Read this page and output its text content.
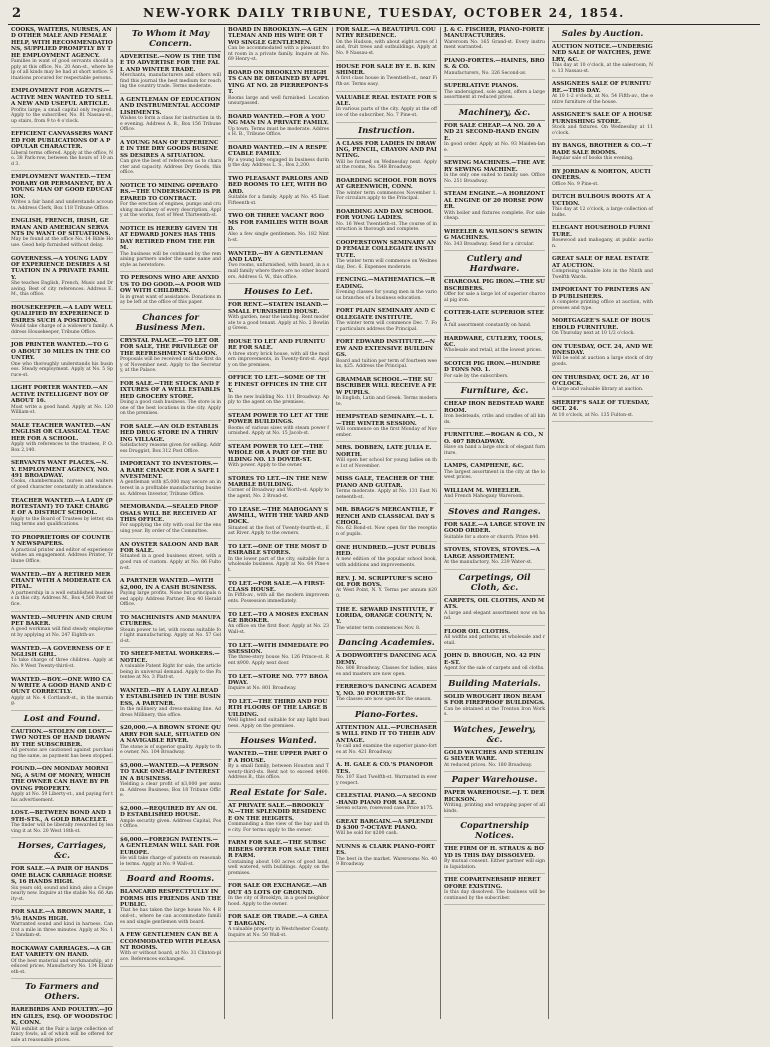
2	NEW-YORK DAILY TRIBUNE, TUESDAY, OCTOBER 24, 1854.
COOKS, WAITERS, NURSES, AND OTHER MALE AND FEMALE HELP, WITH RECOMMENDATIONS, SUPPLIED PROMPTLY BY THE EMPLOYMENT AGENCY.
Families in want of good servants should apply at this office, No. 20 Ann-st., where help of all kinds may be had at short notice. Situations procured for respectable persons.
EMPLOYMENT FOR AGENTS.—ACTIVE MEN WANTED TO SELL A NEW AND USEFUL ARTICLE.
Profits large; a small capital only required. Apply to the subscriber, No. 81 Nassau-st., up stairs, from 9 to 4 o'clock.
EFFICIENT CANVASSERS WANTED FOR PUBLICATIONS OF A POPULAR CHARACTER.
Liberal terms offered. Apply at the office, No. 38 Park-row, between the hours of 10 and 3.
EMPLOYMENT WANTED.—TEMPORARY OR PERMANENT, BY A YOUNG MAN OF GOOD EDUCATION.
Writes a fair hand and understands accounts. Address Clerk, Box 118 Tribune Office.
ENGLISH, FRENCH, IRISH, GERMAN AND AMERICAN SERVANTS IN WANT OF SITUATIONS.
May be found at the office No. 14 Bible House. Good help furnished without delay.
GOVERNESS.—A YOUNG LADY OF EXPERIENCE DESIRES A SITUATION IN A PRIVATE FAMILY.
She teaches English, French, Music and Drawing. Best of city references. Address E. M., this office.
HOUSEKEEPER.—A LADY WELL QUALIFIED BY EXPERIENCE DESIRES SUCH A POSITION.
Would take charge of a widower's family. Address Housekeeper, Tribune Office.
JOB PRINTER WANTED.—TO GO ABOUT 30 MILES IN THE COUNTRY.
One who thoroughly understands his business. Steady employment. Apply at No. 5 Spruce-st.
LIGHT PORTER WANTED.—AN ACTIVE INTELLIGENT BOY OF ABOUT 16.
Must write a good hand. Apply at No. 120 William-st.
MALE TEACHER WANTED.—AN ENGLISH OR CLASSICAL TEACHER FOR A SCHOOL.
Apply with references to the trustees, P. O. Box 2,140.
SERVANTS WANT PLACES.—N. Y. EMPLOYMENT AGENCY, NO. 491 BROADWAY.
Cooks, chambermaids, nurses and waiters of good character constantly in attendance.
TEACHER WANTED.—A LADY (PROTESTANT) TO TAKE CHARGE OF A DISTRICT SCHOOL.
Apply to the Board of Trustees by letter, stating terms and qualifications.
TO PROPRIETORS OF COUNTRY NEWSPAPERS.
A practical printer and editor of experience wishes an engagement. Address Printer, Tribune Office.
WANTED.—BY A RETIRED MERCHANT WITH A MODERATE CAPITAL.
A partnership in a well established business in this city. Address M., Box 4,500 Post Office.
WANTED.—MUFFIN AND CRUMPET BAKER.
A good workman will find steady employment by applying at No. 247 Eighth-av.
WANTED.—A GOVERNESS OF ENGLISH GIRL.
To take charge of three children. Apply at No. 9 West Twenty-third-st.
WANTED.—BOY.—ONE WHO CAN WRITE A GOOD HAND AND COUNT CORRECTLY.
Apply at No. 4 Cortlandt-st., in the morning.
Lost and Found.
CAUTION.—STOLEN OR LOST.—TWO NOTES OF HAND DRAWN BY THE SUBSCRIBER.
All persons are cautioned against purchasing the same, as payment has been stopped.
FOUND.—ON MONDAY MORNING, A SUM OF MONEY, WHICH THE OWNER CAN HAVE BY PROVING PROPERTY.
Apply at No. 59 Liberty-st., and paying for this advertisement.
LOST.—BETWEEN BOND AND 19TH-STS., A GOLD BRACELET.
The finder will be liberally rewarded by leaving it at No. 20 West 18th-st.
Horses, Carriages, &c.
FOR SALE.—A PAIR OF HANDSOME BLACK CARRIAGE HORSES, 16 HANDS HIGH.
Six years old, sound and kind; also a Coupe nearly new. Inquire at the stable No. 66 Amity-st.
FOR SALE.—A BROWN MARE, 15½ HANDS HIGH.
Warranted sound and kind in harness. Can trot a mile in three minutes. Apply at No. 12 Vandam-st.
ROCKAWAY CARRIAGES.—A GREAT VARIETY ON HAND.
Of the best material and workmanship, at reduced prices. Manufactory No. 134 Elizabeth-st.
To Farmers and Others.
RAREBIRDS AND POULTRY.—JOHN GILES, ESQ. OF WOODSTOCK, CONN.
Will exhibit at the Fair a large collection of fancy fowls, all of which will be offered for sale at reasonable prices.
To Whom it May Concern.
ADVERTISE.—NOW IS THE TIME TO ADVERTISE FOR THE FALL AND WINTER TRADE.
Merchants, manufacturers and others will find this journal the best medium for reaching the country trade. Terms moderate.
A GENTLEMAN OF EDUCATION AND INSTRUMENTAL ACCOMPLISHMENTS.
Wishes to form a class for instruction in the evening. Address A. B., Box 156 Tribune Office.
A YOUNG MAN OF EXPERIENCE IN THE DRY GOODS BUSINESS DESIRES A SITUATION.
Can give the best of references as to character and capacity. Address Dry Goods, this office.
NOTICE TO MINING OPERATORS.—THE UNDERSIGNED IS PREPARED TO CONTRACT.
For the erection of engines, pumps and crushing machinery of every description. Apply at the works, foot of West Thirteenth-st.
NOTICE IS HEREBY GIVEN THAT EDWARD JONES HAS THIS DAY RETIRED FROM THE FIRM.
The business will be continued by the remaining partners under the same name and style as heretofore.
TO PERSONS WHO ARE ANXIOUS TO DO GOOD.—A POOR WIDOW WITH CHILDREN.
Is in great want of assistance. Donations may be left at the office of this paper.
Chances for Business Men.
CRYSTAL PALACE.—TO LET OR FOR SALE, THE PRIVILEGE OF THE REFRESHMENT SALOON.
Proposals will be received until the first day of November next. Apply to the Secretary, at the Palace.
FOR SALE.—THE STOCK AND FIXTURES OF A WELL ESTABLISHED GROCERY STORE.
Doing a good cash business. The store is in one of the best locations in the city. Apply on the premises.
FOR SALE.—AN OLD ESTABLISHED DRUG STORE IN A THRIVING VILLAGE.
Satisfactory reasons given for selling. Address Druggist, Box 312 Post Office.
IMPORTANT TO INVESTORS.—A RARE CHANCE FOR A SAFE INVESTMENT.
A gentleman with $5,000 may secure an interest in a profitable manufacturing business. Address Investor, Tribune Office.
MEMORANDA.—SEALED PROPOSALS WILL BE RECEIVED AT THIS OFFICE.
For supplying the city with coal for the ensuing year. By order of the Committee.
AN OYSTER SALOON AND BAR FOR SALE.
Situated in a good business street, with a good run of custom. Apply at No. 86 Fulton-st.
A PARTNER WANTED.—WITH $2,000, IN A CASH BUSINESS.
Paying large profits. None but principals need apply. Address Partner, Box 40 Herald Office.
TO MACHINISTS AND MANUFACTURERS.
Steam power to let, with rooms suitable for light manufacturing. Apply at No. 57 Gold-st.
TO SHEET-METAL WORKERS.—NOTICE.
A valuable Patent Right for sale, the article being in universal demand. Apply to the Patentee at No. 3 Platt-st.
WANTED.—BY A LADY ALREADY ESTABLISHED IN THE BUSINESS, A PARTNER.
In the millinery and dress-making line. Address Millinery, this office.
$20,000.—A BROWN STONE QUARRY FOR SALE, SITUATED ON A NAVIGABLE RIVER.
The stone is of superior quality. Apply to the owner, No. 104 Broadway.
$5,000.—WANTED.—A PERSON TO TAKE ONE-HALF INTEREST IN A BUSINESS.
Yielding a clear profit of $3,000 per annum. Address Business, Box 18 Tribune Office.
$2,000.—REQUIRED BY AN OLD ESTABLISHED HOUSE.
Ample security given. Address Capital, Post Office.
$6,000.—FOREIGN PATENTS.—A GENTLEMAN WILL SAIL FOR EUROPE.
He will take charge of patents on reasonable terms. Apply at No. 9 Wall-st.
Board and Rooms.
BLANCARD RESPECTFULLY INFORMS HIS FRIENDS AND THE PUBLIC.
That he has taken the large house No. 4 Bond-st., where he can accommodate families and single gentlemen with board.
A FEW GENTLEMEN CAN BE ACCOMMODATED WITH PLEASANT ROOMS.
With or without board, at No. 31 Clinton-place. References exchanged.
BOARD IN BROOKLYN.—A GENTLEMAN AND HIS WIFE OR TWO SINGLE GENTLEMEN.
Can be accommodated with a pleasant front room in a private family. Inquire at No. 69 Henry-st.
BOARD ON BROOKLYN HEIGHTS CAN BE OBTAINED BY APPLYING AT NO. 28 PIERREPONT-ST.
Rooms large and well furnished. Location unsurpassed.
BOARD WANTED.—FOR A YOUNG MAN IN A PRIVATE FAMILY.
Up town. Terms must be moderate. Address H. B., Tribune Office.
BOARD WANTED.—IN A RESPECTABLE FAMILY.
By a young lady engaged in business during the day. Address L. S., Box 2,200.
TWO PLEASANT PARLORS AND BED ROOMS TO LET, WITH BOARD.
Suitable for a family. Apply at No. 45 East Fifteenth-st.
TWO OR THREE VACANT ROOMS FOR FAMILIES WITH BOARD.
Also a few single gentlemen. No. 182 Ninth-st.
WANTED.—BY A GENTLEMAN AND LADY.
Two rooms, unfurnished, with board, in a small family where there are no other boarders. Address G. W., this office.
Houses to Let.
FOR RENT.—STATEN ISLAND.—SMALL FURNISHED HOUSE.
With garden, near the landing. Rent moderate to a good tenant. Apply at No. 2 Bowling Green.
HOUSE TO LET AND FURNITURE FOR SALE.
A three story brick house, with all the modern improvements, in Twenty-first-st. Apply on the premises.
OFFICE TO LET.—SOME OF THE FINEST OFFICES IN THE CITY.
In the new building No. 111 Broadway. Apply to the agent on the premises.
STEAM POWER TO LET AT THE POWER BUILDINGS.
Rooms of various sizes with steam power furnished. Apply at No. 15 Jacob-st.
STEAM POWER TO LET.—THE WHOLE OR A PART OF THE BUILDING NO. 13 DOVER-ST.
With power. Apply to the owner.
STORES TO LET.—IN THE NEW MARBLE BUILDING.
Corner of Broadway and Worth-st. Apply to the agent, No. 2 Broad-st.
TO LEASE.—THE MAHOGANY SAWMILL, WITH THE YARD AND DOCK.
Situated at the foot of Twenty-fourth-st., East River. Apply to the owners.
TO LET.—ONE OF THE MOST DESIRABLE STORES.
In the lower part of the city, suitable for a wholesale business. Apply at No. 64 Pine-st.
TO LET.—FOR SALE.—A FIRST-CLASS HOUSE.
In Fifth-av., with all the modern improvements. Possession immediately.
TO LET.—TO A MOSES EXCHANGE BROKER.
An office on the first floor. Apply at No. 23 Wall-st.
TO LET.—WITH IMMEDIATE POSSESSION.
The three-story house No. 126 Prince-st. Rent $900. Apply next door.
TO LET.—STORE NO. 777 BROADWAY.
Inquire at No. 801 Broadway.
TO LET.—THE THIRD AND FOURTH FLOORS OF THE LARGE BUILDING.
Well lighted and suitable for any light business. Apply on the premises.
Houses Wanted.
WANTED.—THE UPPER PART OF A HOUSE.
By a small family, between Houston and Twenty-third-sts. Rent not to exceed $400. Address B., this office.
Real Estate for Sale.
AT PRIVATE SALE.—BROOKLYN.—THE SPLENDID RESIDENCE ON THE HEIGHTS.
Commanding a fine view of the bay and the city. For terms apply to the owner.
FARM FOR SALE.—THE SUBSCRIBERS OFFER FOR SALE THEIR FARM.
Containing about 160 acres of good land, well watered, with buildings. Apply on the premises.
FOR SALE OR EXCHANGE.—ABOUT 45 LOTS OF GROUND.
In the city of Brooklyn, in a good neighborhood. Apply to the owner.
FOR SALE OR TRADE.—A GREAT BARGAIN.
A valuable property in Westchester County. Inquire at No. 50 Wall-st.
FOR SALE.—A BEAUTIFUL COUNTRY RESIDENCE.
On the Hudson, with about eight acres of land, fruit trees and outbuildings. Apply at No. 9 Nassau-st.
HOUSE FOR SALE BY E. B. KINSHIMER.
A first class house in Twentieth-st., near Fifth-av. Terms easy.
VALUABLE REAL ESTATE FOR SALE.
In various parts of the city. Apply at the office of the subscriber, No. 7 Pine-st.
Instruction.
A CLASS FOR LADIES IN DRAWING, PENCIL, CRAYON AND PAINTING.
Will be formed on Wednesday next. Apply at the rooms, No. 548 Broadway.
BOARDING SCHOOL FOR BOYS AT GREENWICH, CONN.
The winter term commences November 1. For circulars apply to the Principal.
BOARDING AND DAY SCHOOL FOR YOUNG LADIES.
No. 16 West Twentieth-st. The course of instruction is thorough and complete.
COOPERSTOWN SEMINARY AND FEMALE COLLEGIATE INSTITUTE.
The winter term will commence on Wednesday, Dec. 6. Expenses moderate.
FENCING.—MATHEMATICS.—READING.
Evening classes for young men in the various branches of a business education.
FORT PLAIN SEMINARY AND COLLEGIATE INSTITUTE.
The winter term will commence Dec. 7. For particulars address the Principal.
FORT EDWARD INSTITUTE.—NEW AND EXTENSIVE BUILDINGS.
Board and tuition per term of fourteen weeks, $25. Address the Principal.
GRAMMAR SCHOOL.—THE SUBSCRIBER WILL RECEIVE A FEW PUPILS.
In English, Latin and Greek. Terms moderate.
HEMPSTEAD SEMINARY.—L. I.—THE WINTER SESSION.
Will commence on the first Monday of November.
MRS. DOBBEN, LATE JULIA E. NORTH.
Will open her school for young ladies on the 1st of November.
MISS GALE, TEACHER OF THE PIANO AND GUITAR.
Terms moderate. Apply at No. 131 East Nineteenth-st.
MR. BRAGG'S MERCANTILE, FRENCH AND CLASSICAL DAY SCHOOL.
No. 62 Bond-st. Now open for the reception of pupils.
ONE HUNDRED.—JUST PUBLISHED.
A new edition of the popular school book, with additions and improvements.
REV. J. M. SCRIPTURE'S SCHOOL FOR BOYS.
At West Point, N. Y. Terms per annum $200.
THE E. SEWARD INSTITUTE, FLORIDA, ORANGE COUNTY, N. Y.
The winter term commences Nov. 8.
Dancing Academies.
A DODWORTH'S DANCING ACADEMY.
No. 806 Broadway. Classes for ladies, misses and masters are now open.
FERRERO'S DANCING ACADEMY, NO. 30 FOURTH-ST.
The classes are now open for the season.
Piano-Fortes.
ATTENTION ALL.—PURCHASERS WILL FIND IT TO THEIR ADVANTAGE.
To call and examine the superior piano-fortes at No. 421 Broadway.
A. H. GALE & CO.'S PIANOFORTES.
No. 107 East Twelfth-st. Warranted in every respect.
CELESTIAL PIANO.—A SECOND-HAND PIANO FOR SALE.
Seven octave, rosewood case. Price $175.
GREAT BARGAIN.—A SPLENDID $300 7-OCTAVE PIANO.
Will be sold for $200 cash.
NUNNS & CLARK PIANO-FORTES.
The best in the market. Warerooms No. 409 Broadway.
J. & C. FISCHER, PIANO-FORTE MANUFACTURERS.
Wareroom No. 165 Grand-st. Every instrument warranted.
PIANO-FORTES.—HAINES, BROS. & CO.
Manufacturers, No. 326 Second-av.
SUPERLATIVE PIANOS.
The undersigned, sole agent, offers a large assortment at reduced prices.
Machinery, &c.
FOR SALE CHEAP.—A NO. 20 AND 21 SECOND-HAND ENGINE.
In good order. Apply at No. 93 Maiden-lane.
SEWING MACHINES.—THE AVERY SEWING MACHINE.
Is the only one suited to family use. Office No. 251 Broadway.
STEAM ENGINE.—A HORIZONTAL ENGINE OF 20 HORSE POWER.
With boiler and fixtures complete. For sale cheap.
WHEELER & WILSON'S SEWING MACHINES.
No. 343 Broadway. Send for a circular.
Cutlery and Hardware.
CHARCOAL PIG IRON.—THE SUBSCRIBERS.
Offer for sale a large lot of superior charcoal pig iron.
COTTER-LATE SUPERIOR STEEL.
A full assortment constantly on hand.
HARDWARE, CUTLERY, TOOLS, &C.
Wholesale and retail, at the lowest prices.
SCOTCH PIG IRON.—HUNDRED TONS NO. 1.
For sale by the subscribers.
Furniture, &c.
CHEAP IRON BEDSTEAD WAREROOM.
Iron bedsteads, cribs and cradles of all kinds.
FURNITURE.—ROGAN & CO., NO. 407 BROADWAY.
Have on hand a large stock of elegant furniture.
LAMPS, CAMPHENE, &C.
The largest assortment in the city at the lowest prices.
WILLIAM M. WHEELER.
And French Mahogany Wareroom.
Stoves and Ranges.
FOR SALE.—A LARGE STOVE IN GOOD ORDER.
Suitable for a store or church. Price $40.
STOVES, STOVES, STOVES.—A LARGE ASSORTMENT.
At the manufactory, No. 239 Water-st.
Carpetings, Oil Cloth, &c.
CARPETS, OIL CLOTHS, AND MATS.
A large and elegant assortment now on hand.
FLOOR OIL CLOTHS.
All widths and patterns, at wholesale and retail.
JOHN D. BROUGH, NO. 42 PINE-ST.
Agent for the sale of carpets and oil cloths.
Building Materials.
SOLID WROUGHT IRON BEAMS FOR FIREPROOF BUILDINGS.
Can be obtained at the Trenton Iron Works.
Watches, Jewelry, &c.
GOLD WATCHES AND STERLING SILVER WARE.
At reduced prices. No. 180 Broadway.
Paper Warehouse.
PAPER WAREHOUSE.—J. T. DERRICKSON.
Writing, printing and wrapping paper of all kinds.
Copartnership Notices.
THE FIRM OF H. STRAUS & BOYD IS THIS DAY DISSOLVED.
By mutual consent. Either partner will sign in liquidation.
THE COPARTNERSHIP HERETOFORE EXISTING.
Is this day dissolved. The business will be continued by the subscriber.
Sales by Auction.
AUCTION NOTICE.—UNDERSIGNED SALE OF WATCHES, JEWELRY, &C.
This day at 10 o'clock, at the salesroom, No. 13 Nassau-st.
ASSIGNEES SALE OF FURNITURE.—THIS DAY.
At 10 1-2 o'clock, at No. 54 Fifth-av., the entire furniture of the house.
ASSIGNEE'S SALE OF A HOUSE FURNISHING STORE.
Stock and fixtures. On Wednesday at 11 o'clock.
BY BANGS, BROTHER & CO.—TRADE SALE ROOMS.
Regular sale of books this evening.
BY JORDAN & NORTON, AUCTIONEERS.
Office No. 9 Pine-st.
DUTCH BULBOUS ROOTS AT AUCTION.
This day at 12 o'clock, a large collection of bulbs.
ELEGANT HOUSEHOLD FURNITURE.
Rosewood and mahogany, at public auction.
GREAT SALE OF REAL ESTATE AT AUCTION.
Comprising valuable lots in the Ninth and Twelfth Wards.
IMPORTANT TO PRINTERS AND PUBLISHERS.
A complete printing office at auction, with presses and type.
MORTGAGEE'S SALE OF HOUSEHOLD FURNITURE.
On Thursday next at 10 1/2 o'clock.
ON TUESDAY, OCT. 24, AND WEDNESDAY.
Will be sold at auction a large stock of dry goods.
ON THURSDAY, OCT. 26, AT 10 O'CLOCK.
A large and valuable library at auction.
SHERIFF'S SALE OF TUESDAY, OCT. 24.
At 10 o'clock, at No. 135 Fulton-st.
